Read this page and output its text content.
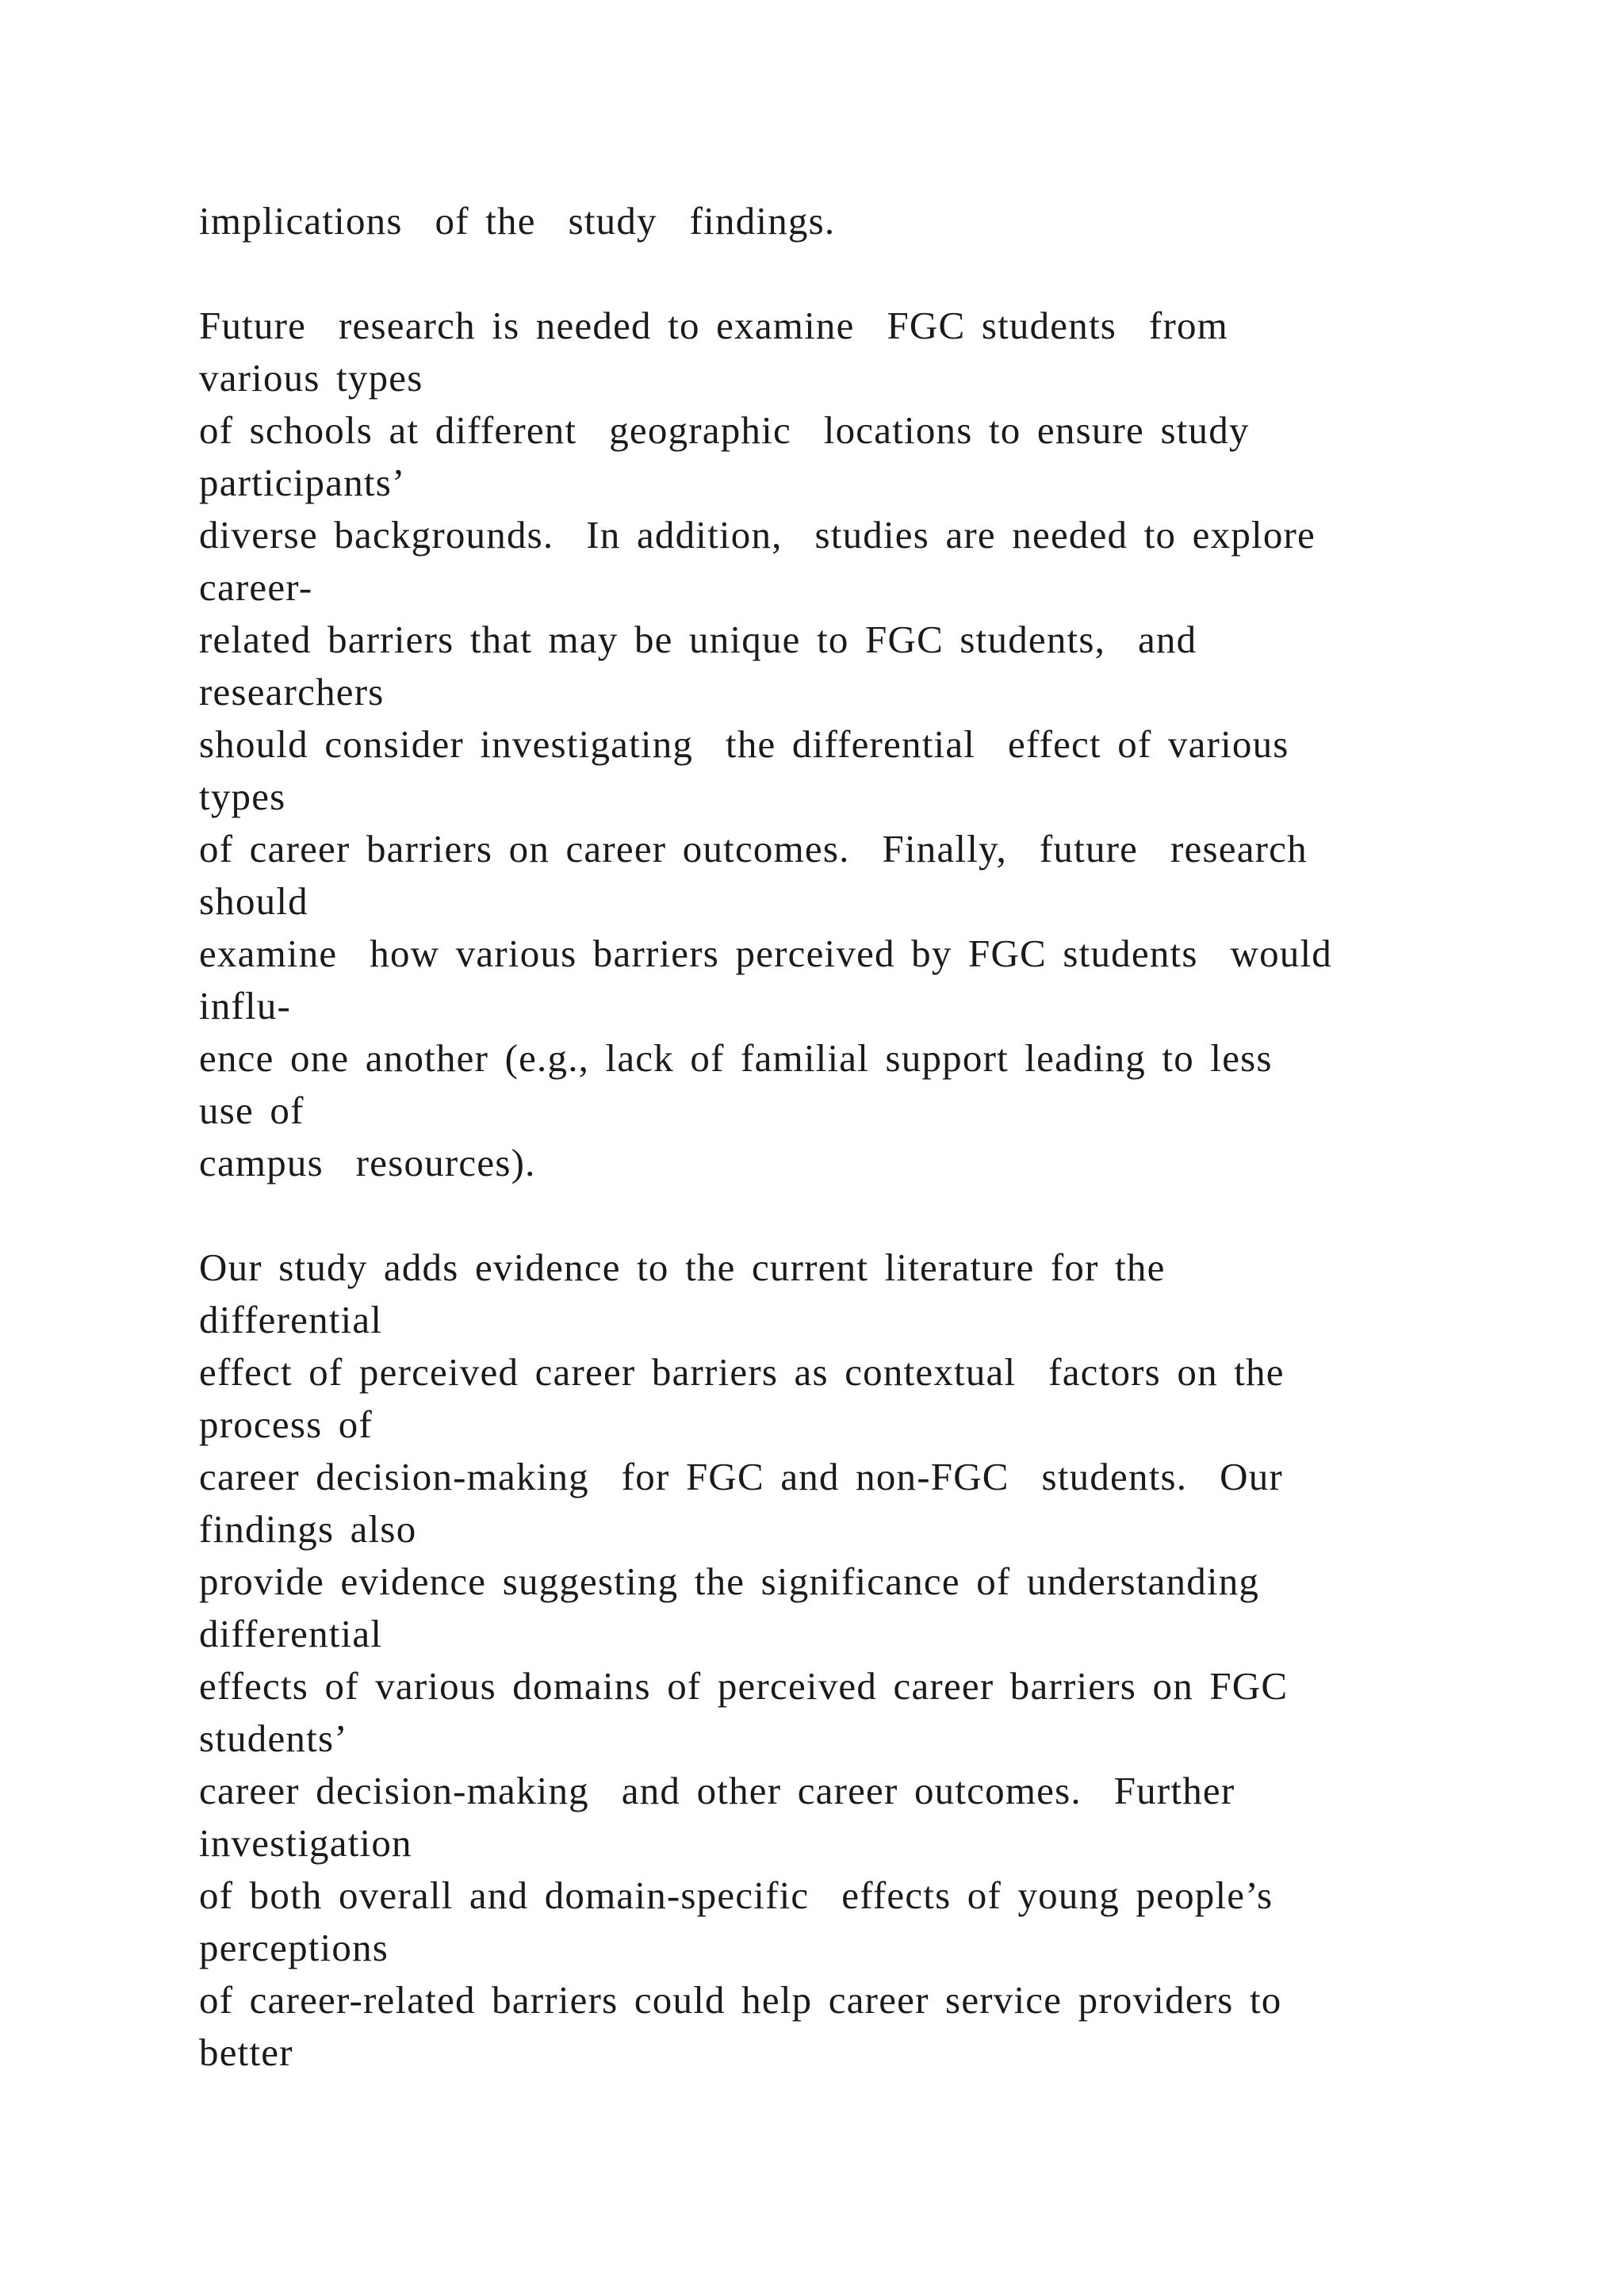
implications  of the  study  findings.
Future  research is needed to examine  FGC students  from
various types
of schools at different  geographic  locations to ensure study
participants’
diverse backgrounds.  In addition,  studies are needed to explore
career-
related barriers that may be unique to FGC students,  and
researchers
should consider investigating  the differential  effect of various
types
of career barriers on career outcomes.  Finally,  future  research
should
examine  how various barriers perceived by FGC students  would
influ-
ence one another (e.g., lack of familial support leading to less
use of
campus  resources).
Our study adds evidence to the current literature for the
differential
effect of perceived career barriers as contextual  factors on the
process of
career decision-making  for FGC and non-FGC  students.  Our
findings also
provide evidence suggesting the significance of understanding
differential
effects of various domains of perceived career barriers on FGC
students’
career decision-making  and other career outcomes.  Further
investigation
of both overall and domain-specific  effects of young people’s
perceptions
of career-related barriers could help career service providers to
better
